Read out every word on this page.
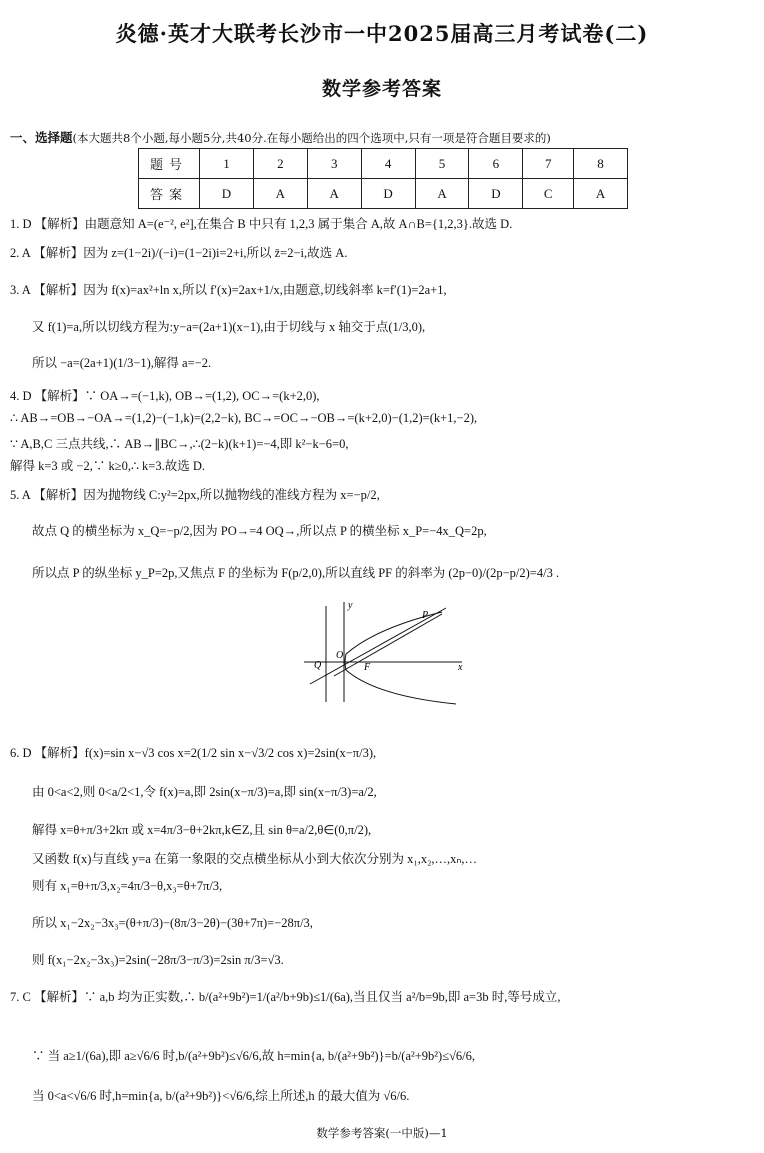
炎德·英才大联考长沙市一中2025届高三月考试卷(二)
数学参考答案
一、选择题(本大题共8个小题,每小题5分,共40分.在每小题给出的四个选项中,只有一项是符合题目要求的)
题号	1	2	3	4	5	6	7	8
答案	D	A	A	D	A	D	C	A
1. D 【解析】由题意知 A=(e⁻², e²],在集合 B 中只有 1,2,3 属于集合 A,故 A∩B={1,2,3}.故选 D.
2. A 【解析】因为 z=(1−2i)/(−i)=(1−2i)i=2+i,所以 z̄=2−i,故选 A.
3. A 【解析】因为 f(x)=ax²+ln x,所以 f′(x)=2ax+1/x,由题意,切线斜率 k=f′(1)=2a+1,
又 f(1)=a,所以切线方程为:y−a=(2a+1)(x−1),由于切线与 x 轴交于点(1/3,0),
所以 −a=(2a+1)(1/3−1),解得 a=−2.
4. D 【解析】∵ OA→=(−1,k), OB→=(1,2), OC→=(k+2,0),
∴ AB→=OB→−OA→=(1,2)−(−1,k)=(2,2−k), BC→=OC→−OB→=(k+2,0)−(1,2)=(k+1,−2),
∵ A,B,C 三点共线,∴ AB→∥BC→,∴(2−k)(k+1)=−4,即 k²−k−6=0,
解得 k=3 或 −2,∵ k≥0,∴ k=3.故选 D.
5. A 【解析】因为抛物线 C:y²=2px,所以抛物线的准线方程为 x=−p/2,
故点 Q 的横坐标为 x_Q=−p/2,因为 PO→=4 OQ→,所以点 P 的横坐标 x_P=−4x_Q=2p,
所以点 P 的纵坐标 y_P=2p,又焦点 F 的坐标为 F(p/2,0),所以直线 PF 的斜率为 (2p−0)/(2p−p/2)=4/3 .
x
y
P
O
Q	F
6. D 【解析】f(x)=sin x−√3 cos x=2(1/2 sin x−√3/2 cos x)=2sin(x−π/3),
由 0<a<2,则 0<a/2<1,令 f(x)=a,即 2sin(x−π/3)=a,即 sin(x−π/3)=a/2,
解得 x=θ+π/3+2kπ 或 x=4π/3−θ+2kπ,k∈Z,且 sin θ=a/2,θ∈(0,π/2),
又函数 f(x)与直线 y=a 在第一象限的交点横坐标从小到大依次分别为 x₁,x₂,…,xₙ,…
则有 x₁=θ+π/3,x₂=4π/3−θ,x₃=θ+7π/3,
所以 x₁−2x₂−3x₃=(θ+π/3)−(8π/3−2θ)−(3θ+7π)=−28π/3,
则 f(x₁−2x₂−3x₃)=2sin(−28π/3−π/3)=2sin π/3=√3.
7. C 【解析】∵ a,b 均为正实数,∴ b/(a²+9b²)=1/(a²/b+9b)≤1/(6a),当且仅当 a²/b=9b,即 a=3b 时,等号成立,
∵ 当 a≥1/(6a),即 a≥√6/6 时,b/(a²+9b²)≤√6/6,故 h=min{a, b/(a²+9b²)}=b/(a²+9b²)≤√6/6,
当 0<a<√6/6 时,h=min{a, b/(a²+9b²)}<√6/6,综上所述,h 的最大值为 √6/6.
数学参考答案(一中版)—1
